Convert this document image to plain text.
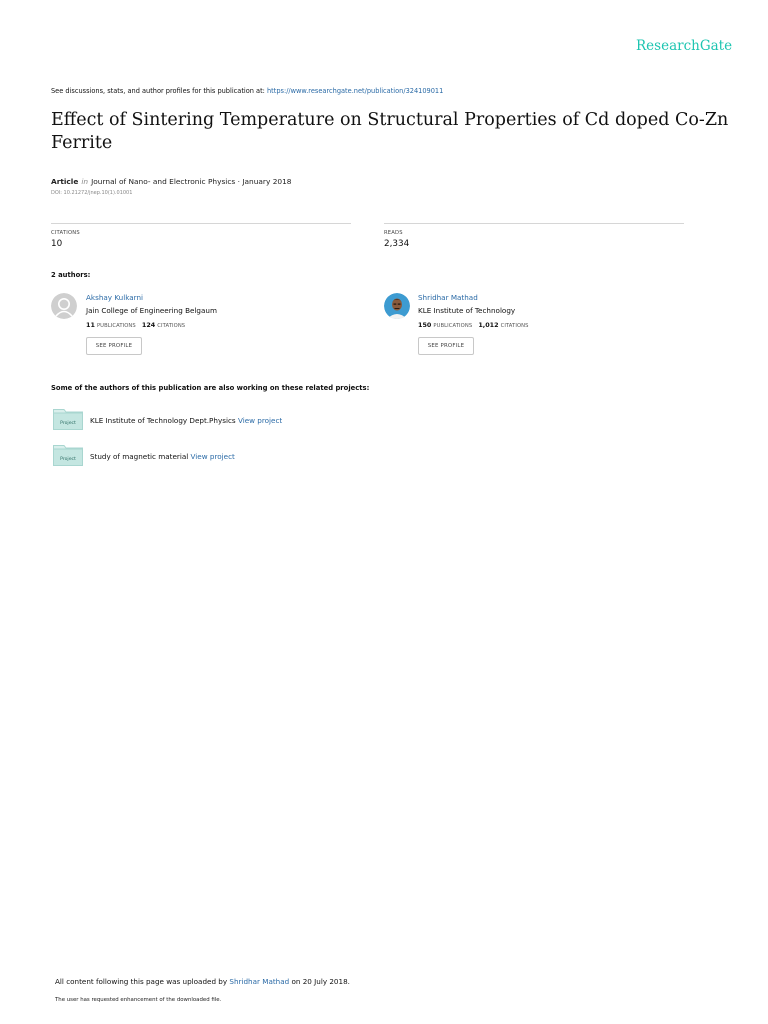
ResearchGate
See discussions, stats, and author profiles for this publication at: https://www.researchgate.net/publication/324109011
Effect of Sintering Temperature on Structural Properties of Cd doped Co-Zn Ferrite
Article in Journal of Nano- and Electronic Physics · January 2018
DOI: 10.21272/jnep.10(1).01001
CITATIONS
10
READS
2,334
2 authors:
Akshay Kulkarni
Jain College of Engineering Belgaum
11 PUBLICATIONS 124 CITATIONS
SEE PROFILE
Shridhar Mathad
KLE Institute of Technology
150 PUBLICATIONS 1,012 CITATIONS
SEE PROFILE
Some of the authors of this publication are also working on these related projects:
Project KLE Institute of Technology Dept.Physics View project
Project Study of magnetic material View project
All content following this page was uploaded by Shridhar Mathad on 20 July 2018.
The user has requested enhancement of the downloaded file.
